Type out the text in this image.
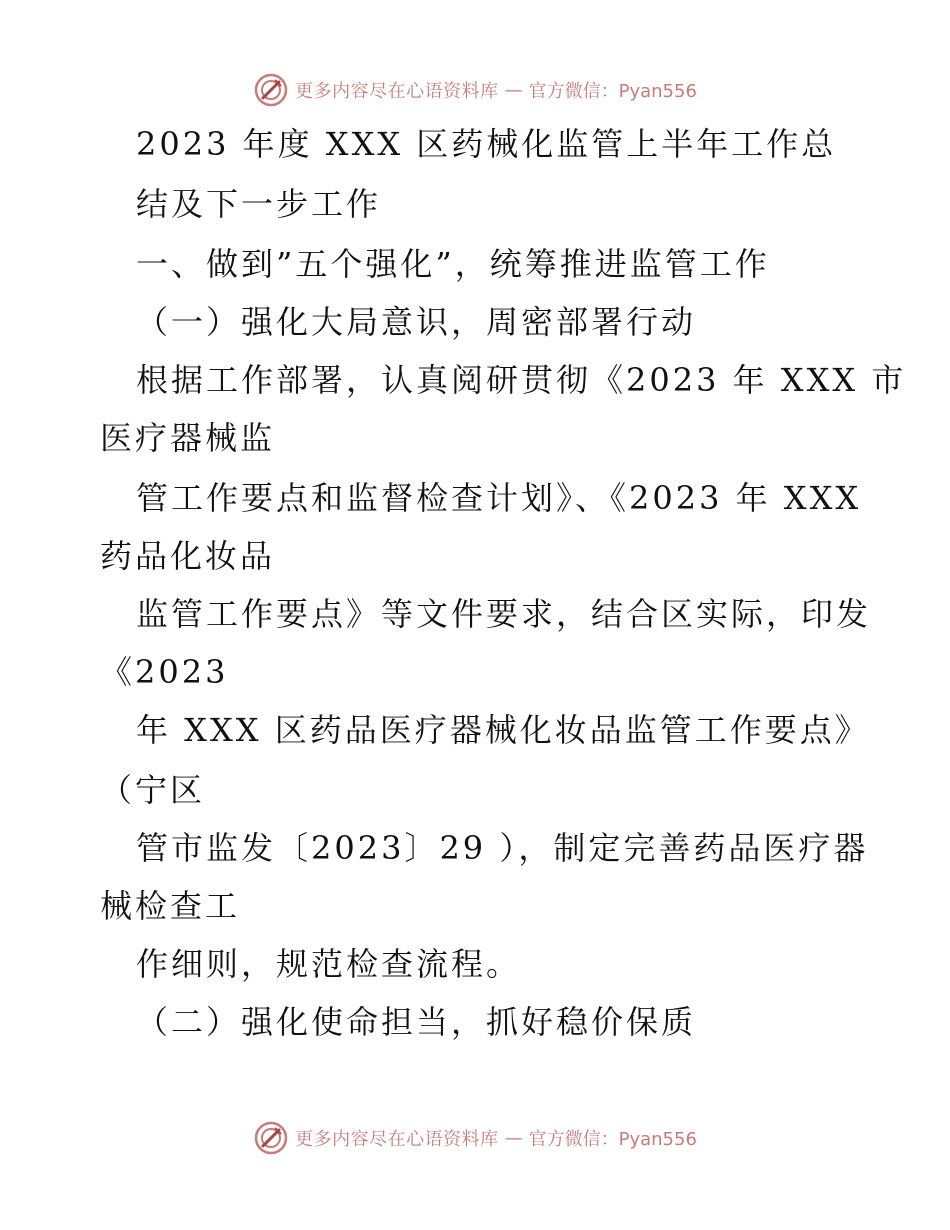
更多内容尽在心语资料库 — 官方微信：Pyan556
2023 年度 XXX 区药械化监管上半年工作总
结及下一步工作
一、做到”五个强化”，统筹推进监管工作
（一）强化大局意识，周密部署行动
根据工作部署，认真阅研贯彻《2023 年 XXX 市
医疗器械监
管工作要点和监督检查计划》、《2023 年 XXX
药品化妆品
监管工作要点》等文件要求，结合区实际，印发
《2023
年 XXX 区药品医疗器械化妆品监管工作要点》
（宁区
管市监发〔2023〕29 ），制定完善药品医疗器
械检查工
作细则，规范检查流程。
（二）强化使命担当，抓好稳价保质
更多内容尽在心语资料库 — 官方微信：Pyan556
